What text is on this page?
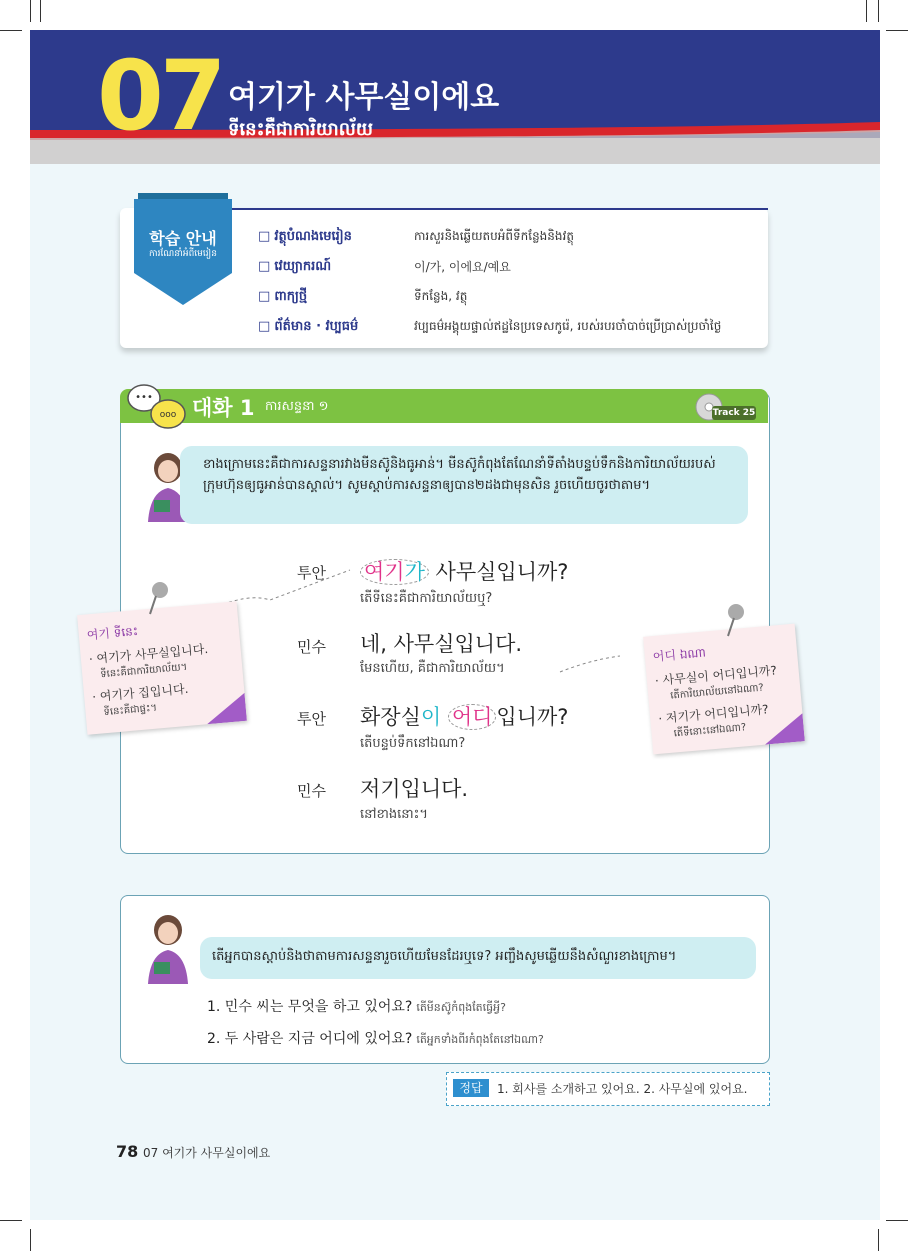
07 여기가 사무실이에요
ទីនេះគឺជាការិយាល័យ
학습 안내
ការណែនាំអំពីមេរៀន
□ វត្ថុបំណងមេរៀន	ការសួរនិងឆ្លើយតបអំពីទីកន្លែងនិងវត្ថុ
□ វេយ្យាករណ៍	이/가, 이에요/예요
□ ពាក្យថ្មី	ទីកន្លែង, វត្ថុ
□ ព័ត៌មាន · វប្បធម៌	វប្បធម៌អង្គុយផ្ទាល់ឥដ្ឋនៃប្រទេសកូរ៉េ, របស់របរចាំបាច់ប្រើប្រាស់ប្រចាំថ្ងៃ
•••
ooo 대화 1 ការសន្ទនា ១	Track 25
ខាងក្រោមនេះគឺជាការសន្ទនារវាងមីនស៊ូនិងធូអាន់។ មីនស៊ូកំពុងតែណែនាំទីតាំងបន្ទប់ទឹកនិងការិយាល័យរបស់ក្រុមហ៊ុនឲ្យធូអាន់បានស្គាល់។ សូមស្ដាប់ការសន្ទនាឲ្យបាន២ដងជាមុនសិន រួចហើយចូរថាតាម។
투안 여기가 사무실입니까?
តើទីនេះគឺជាការិយាល័យឬ?
민수 네, 사무실입니다.
មែនហើយ, គឺជាការិយាល័យ។
투안 화장실이 어디 입니까?
តើបន្ទប់ទឹកនៅឯណា?
민수 저기입니다.
នៅខាងនោះ។
여기 ទីនេះ
· 여기가 사무실입니다.
ទីនេះគឺជាការិយាល័យ។
· 여기가 집입니다.
ទីនេះគឺជាផ្ទះ។
어디 ឯណា
· 사무실이 어디입니까?
តើការិយាល័យនៅឯណា?
· 저기가 어디입니까?
តើទីនោះនៅឯណា?
តើអ្នកបានស្ដាប់និងថាតាមការសន្ទនារួចហើយមែនដែរឬទេ? អញ្ចឹងសូមឆ្លើយនឹងសំណួរខាងក្រោម។
1. 민수 씨는 무엇을 하고 있어요? តើមីនស៊ូកំពុងតែធ្វើអ្វី?
2. 두 사람은 지금 어디에 있어요? តើអ្នកទាំងពីរកំពុងតែនៅឯណា?
정답	1. 회사를 소개하고 있어요. 2. 사무실에 있어요.
78 07 여기가 사무실이에요
